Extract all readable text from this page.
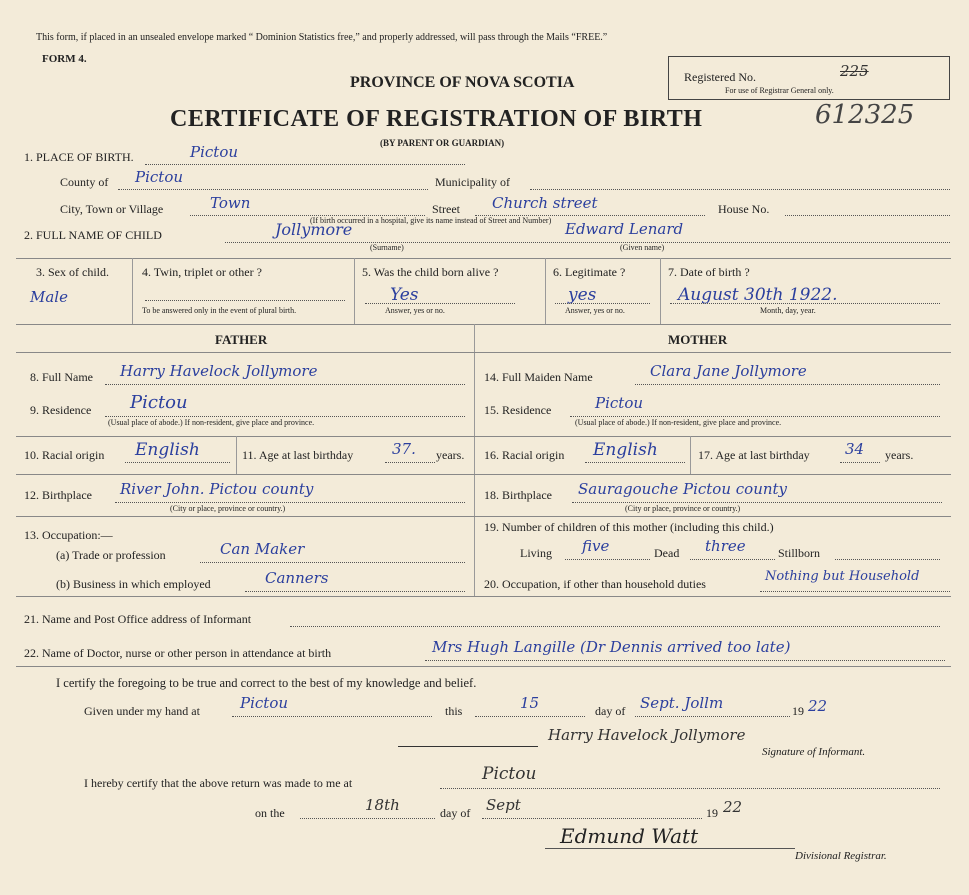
This form, if placed in an unsealed envelope marked “ Dominion Statistics free,” and properly addressed, will pass through the Mails “FREE.”
FORM 4.
PROVINCE OF NOVA SCOTIA
CERTIFICATE OF REGISTRATION OF BIRTH
(BY PARENT OR GUARDIAN)
Registered No.	225
For use of Registrar General only.
612325
1. PLACE OF BIRTH.	Pictou
County of Pictou	Municipality of
City, Town or Village	Town	Street Church street	House No.
(If birth occurred in a hospital, give its name instead of Street and Number)
2. FULL NAME OF CHILD	Jollymore	Edward Lenard
(Surname)	(Given name)
3. Sex of child.
Male
4. Twin, triplet or other ?
To be answered only in the event of plural birth.
5. Was the child born alive ?
Yes
Answer, yes or no.
6. Legitimate ?
yes
Answer, yes or no.
7. Date of birth ?
August 30th 1922.
Month, day, year.
FATHER	MOTHER
8. Full Name Harry Havelock Jollymore
9. Residence Pictou
(Usual place of abode.) If non-resident, give place and province.
10. Racial origin English	11. Age at last birthday	37. years.
12. Birthplace River John. Pictou county
(City or place, province or country.)
13. Occupation:—
(a) Trade or profession	Can Maker
(b) Business in which employed	Canners
14. Full Maiden Name	Clara Jane Jollymore
15. Residence	Pictou
(Usual place of abode.) If non-resident, give place and province.
16. Racial origin English	17. Age at last birthday 34 years.
18. Birthplace Sauragouche Pictou county
(City or place, province or country.)
19. Number of children of this mother (including this child.)
Living five	Dead three	Stillborn
20. Occupation, if other than household duties	Nothing but Household
21. Name and Post Office address of Informant
22. Name of Doctor, nurse or other person in attendance at birth	Mrs Hugh Langille (Dr Dennis arrived too late)
I certify the foregoing to be true and correct to the best of my knowledge and belief.
Given under my hand at	Pictou	this	15	day of Sept. Jollm	19 22
Harry Havelock Jollymore
Signature of Informant.
I hereby certify that the above return was made to me at	Pictou
on the	18th	day of Sept	19 22
Edmund Watt
Divisional Registrar.
